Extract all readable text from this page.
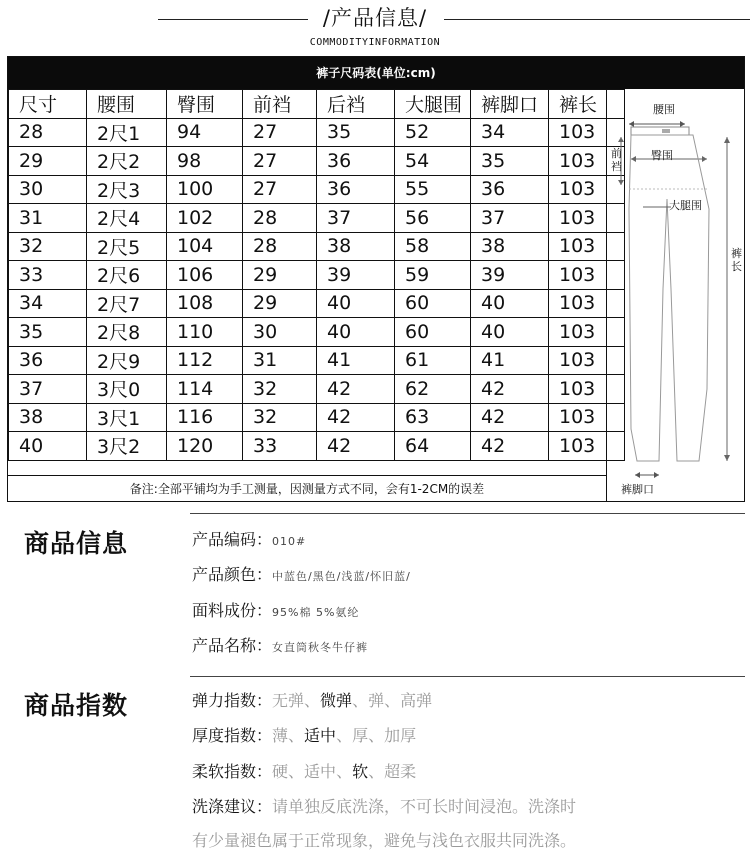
/产品信息/
COMMODITYINFORMATION
裤子尺码表(单位:cm)
尺寸	腰围	臀围	前裆	后裆	大腿围	裤脚口	裤长
28	2尺1	94	27	35	52	34	103
29	2尺2	98	27	36	54	35	103
30	2尺3	100	27	36	55	36	103
31	2尺4	102	28	37	56	37	103
32	2尺5	104	28	38	58	38	103
33	2尺6	106	29	39	59	39	103
34	2尺7	108	29	40	60	40	103
35	2尺8	110	30	40	60	40	103
36	2尺9	112	31	41	61	41	103
37	3尺0	114	32	42	62	42	103
38	3尺1	116	32	42	63	42	103
40	3尺2	120	33	42	64	42	103
备注:全部平铺均为手工测量，因测量方式不同，会有1-2CM的误差
腰围
臀围
前裆
大腿围
裤长
裤脚口
商品信息	产品编码：010#
产品颜色：中蓝色/黑色/浅蓝/怀旧蓝/
面料成份：95%棉 5%氨纶
产品名称：女直筒秋冬牛仔裤
商品指数	弹力指数：无弹、微弹、弹、高弹
厚度指数：薄、适中、厚、加厚
柔软指数：硬、适中、软、超柔
洗涤建议：请单独反底洗涤，不可长时间浸泡。洗涤时
有少量褪色属于正常现象，避免与浅色衣服共同洗涤。
